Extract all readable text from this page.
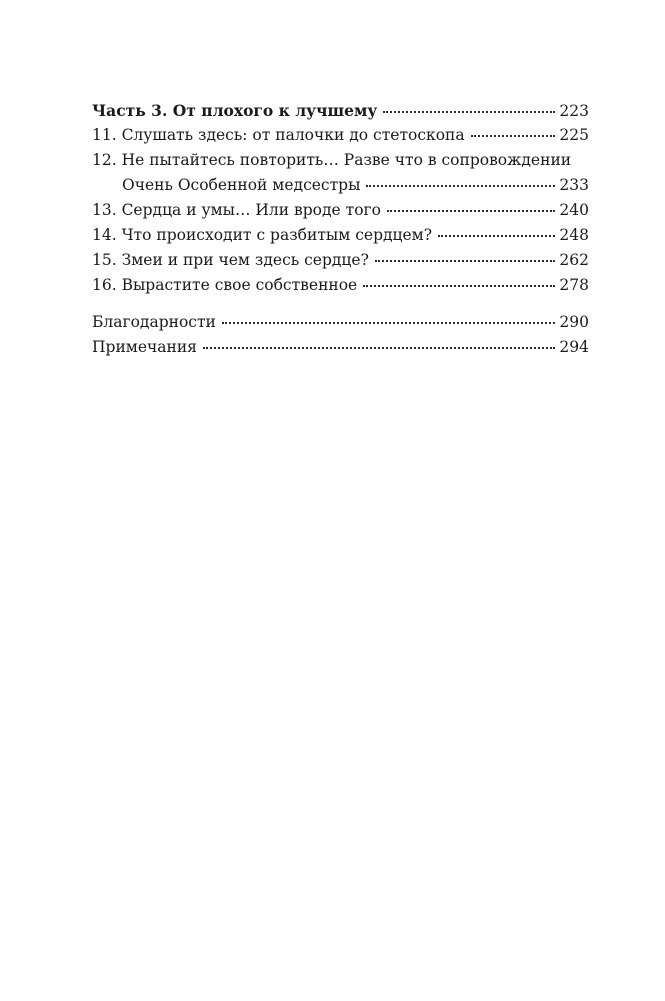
Часть 3. От плохого к лучшему	223
11. Слушать здесь: от палочки до стетоскопа	225
12. Не пытайтесь повторить… Разве что в сопровождении
Очень Особенной медсестры	233
13. Сердца и умы… Или вроде того	240
14. Что происходит с разбитым сердцем?	248
15. Змеи и при чем здесь сердце?	262
16. Вырастите свое собственное	278
Благодарности	290
Примечания	294
